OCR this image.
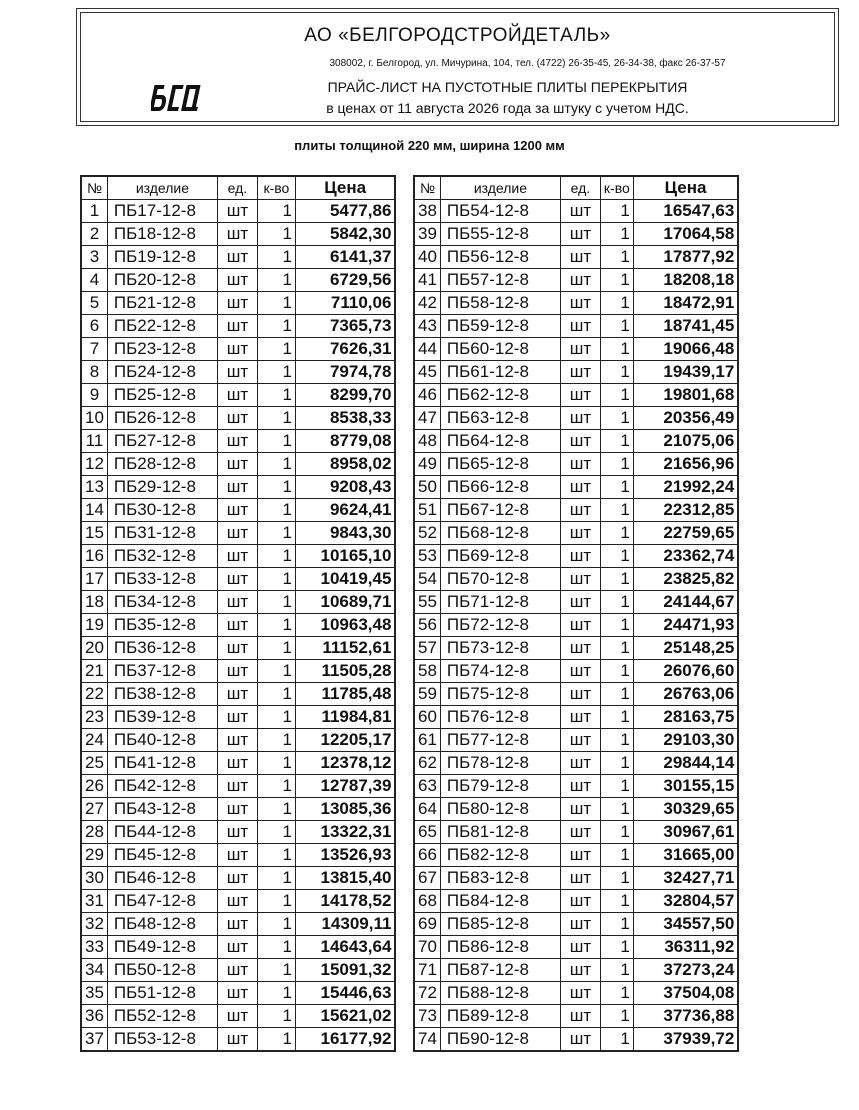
АО «БЕЛГОРОДСТРОЙДЕТАЛЬ»
308002, г. Белгород, ул. Мичурина, 104, тел. (4722) 26-35-45, 26-34-38, факс 26-37-57
ПРАЙС-ЛИСТ НА ПУСТОТНЫЕ ПЛИТЫ ПЕРЕКРЫТИЯ
в ценах от 11 августа 2026 года за штуку с учетом НДС.
плиты толщиной 220 мм, ширина 1200 мм
№	изделие	ед.	к-во	Цена
1	ПБ17-12-8	шт	1	5477,86
2	ПБ18-12-8	шт	1	5842,30
3	ПБ19-12-8	шт	1	6141,37
4	ПБ20-12-8	шт	1	6729,56
5	ПБ21-12-8	шт	1	7110,06
6	ПБ22-12-8	шт	1	7365,73
7	ПБ23-12-8	шт	1	7626,31
8	ПБ24-12-8	шт	1	7974,78
9	ПБ25-12-8	шт	1	8299,70
10	ПБ26-12-8	шт	1	8538,33
11	ПБ27-12-8	шт	1	8779,08
12	ПБ28-12-8	шт	1	8958,02
13	ПБ29-12-8	шт	1	9208,43
14	ПБ30-12-8	шт	1	9624,41
15	ПБ31-12-8	шт	1	9843,30
16	ПБ32-12-8	шт	1	10165,10
17	ПБ33-12-8	шт	1	10419,45
18	ПБ34-12-8	шт	1	10689,71
19	ПБ35-12-8	шт	1	10963,48
20	ПБ36-12-8	шт	1	11152,61
21	ПБ37-12-8	шт	1	11505,28
22	ПБ38-12-8	шт	1	11785,48
23	ПБ39-12-8	шт	1	11984,81
24	ПБ40-12-8	шт	1	12205,17
25	ПБ41-12-8	шт	1	12378,12
26	ПБ42-12-8	шт	1	12787,39
27	ПБ43-12-8	шт	1	13085,36
28	ПБ44-12-8	шт	1	13322,31
29	ПБ45-12-8	шт	1	13526,93
30	ПБ46-12-8	шт	1	13815,40
31	ПБ47-12-8	шт	1	14178,52
32	ПБ48-12-8	шт	1	14309,11
33	ПБ49-12-8	шт	1	14643,64
34	ПБ50-12-8	шт	1	15091,32
35	ПБ51-12-8	шт	1	15446,63
36	ПБ52-12-8	шт	1	15621,02
37	ПБ53-12-8	шт	1	16177,92
№	изделие	ед.	к-во	Цена
38	ПБ54-12-8	шт	1	16547,63
39	ПБ55-12-8	шт	1	17064,58
40	ПБ56-12-8	шт	1	17877,92
41	ПБ57-12-8	шт	1	18208,18
42	ПБ58-12-8	шт	1	18472,91
43	ПБ59-12-8	шт	1	18741,45
44	ПБ60-12-8	шт	1	19066,48
45	ПБ61-12-8	шт	1	19439,17
46	ПБ62-12-8	шт	1	19801,68
47	ПБ63-12-8	шт	1	20356,49
48	ПБ64-12-8	шт	1	21075,06
49	ПБ65-12-8	шт	1	21656,96
50	ПБ66-12-8	шт	1	21992,24
51	ПБ67-12-8	шт	1	22312,85
52	ПБ68-12-8	шт	1	22759,65
53	ПБ69-12-8	шт	1	23362,74
54	ПБ70-12-8	шт	1	23825,82
55	ПБ71-12-8	шт	1	24144,67
56	ПБ72-12-8	шт	1	24471,93
57	ПБ73-12-8	шт	1	25148,25
58	ПБ74-12-8	шт	1	26076,60
59	ПБ75-12-8	шт	1	26763,06
60	ПБ76-12-8	шт	1	28163,75
61	ПБ77-12-8	шт	1	29103,30
62	ПБ78-12-8	шт	1	29844,14
63	ПБ79-12-8	шт	1	30155,15
64	ПБ80-12-8	шт	1	30329,65
65	ПБ81-12-8	шт	1	30967,61
66	ПБ82-12-8	шт	1	31665,00
67	ПБ83-12-8	шт	1	32427,71
68	ПБ84-12-8	шт	1	32804,57
69	ПБ85-12-8	шт	1	34557,50
70	ПБ86-12-8	шт	1	36311,92
71	ПБ87-12-8	шт	1	37273,24
72	ПБ88-12-8	шт	1	37504,08
73	ПБ89-12-8	шт	1	37736,88
74	ПБ90-12-8	шт	1	37939,72
